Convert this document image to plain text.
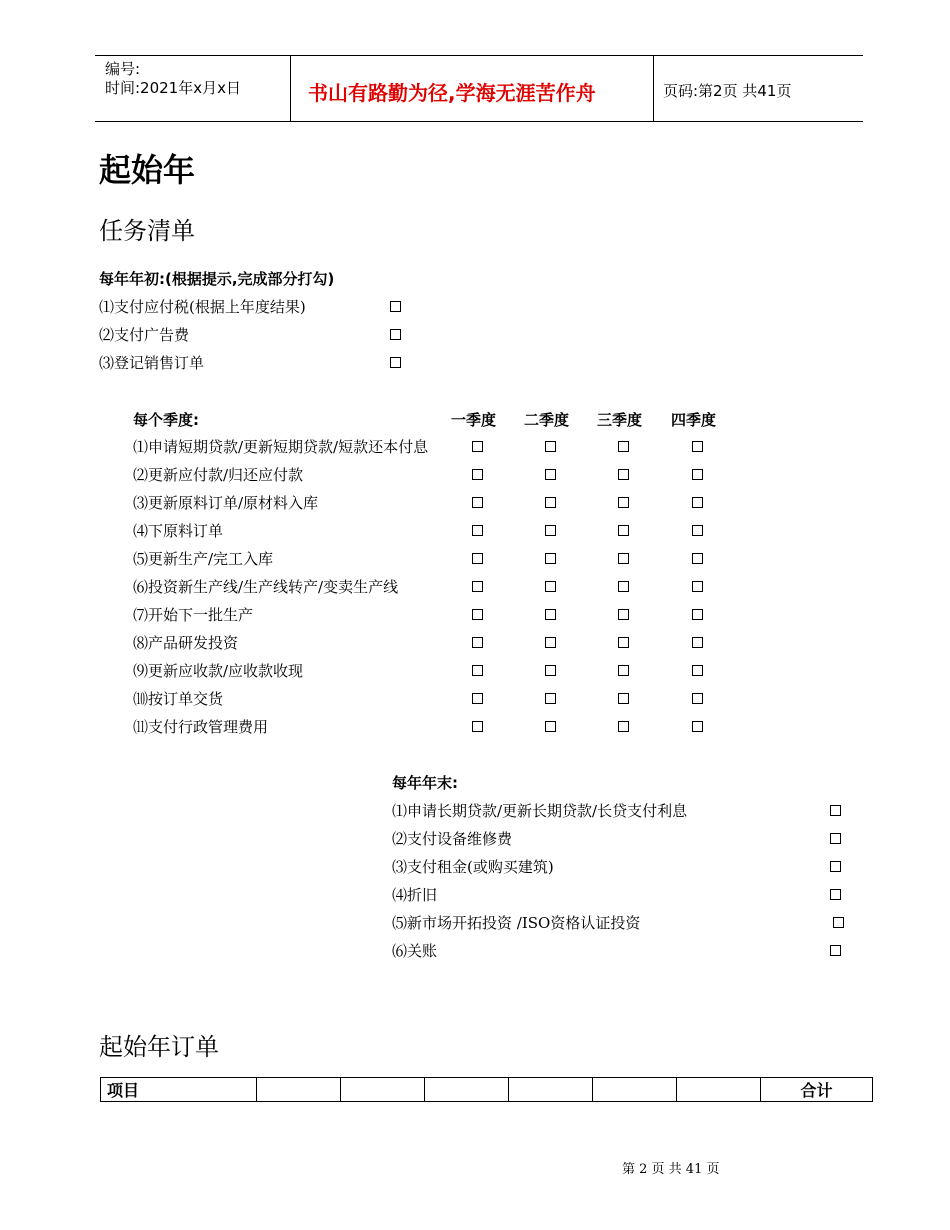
编号:
时间:2021年x月x日	书山有路勤为径,学海无涯苦作舟	页码:第2页 共41页
起始年
任务清单
每年年初:(根据提示,完成部分打勾)
⑴支付应付税(根据上年度结果)
⑵支付广告费
⑶登记销售订单
每个季度:	一季度 二季度 三季度 四季度
⑴申请短期贷款/更新短期贷款/短款还本付息
⑵更新应付款/归还应付款
⑶更新原料订单/原材料入库
⑷下原料订单
⑸更新生产/完工入库
⑹投资新生产线/生产线转产/变卖生产线
⑺开始下一批生产
⑻产品研发投资
⑼更新应收款/应收款收现
⑽按订单交货
⑾支付行政管理费用
每年年末:
⑴申请长期贷款/更新长期贷款/长贷支付利息
⑵支付设备维修费
⑶支付租金(或购买建筑)
⑷折旧
⑸新市场开拓投资 /ISO资格认证投资
⑹关账
起始年订单
项目							合计
第 2 页 共 41 页
